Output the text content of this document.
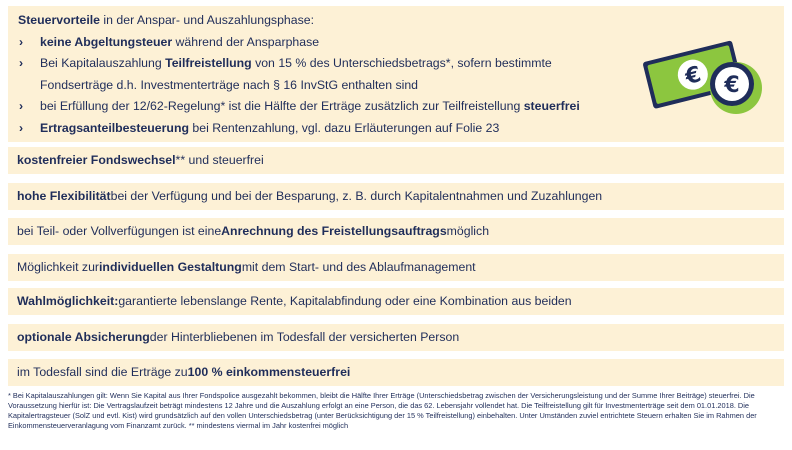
Steuervorteile in der Anspar- und Auszahlungsphase:
› keine Abgeltungsteuer während der Ansparphase
› Bei Kapitalauszahlung Teilfreistellung von 15 % des Unterschiedsbetrags*, sofern bestimmte
Fondserträge d.h. Investmenterträge nach § 16 InvStG enthalten sind
› bei Erfüllung der 12/62-Regelung* ist die Hälfte der Erträge zusätzlich zur Teilfreistellung steuerfrei
› Ertragsanteilbesteuerung bei Rentenzahlung, vgl. dazu Erläuterungen auf Folie 23
€ €
kostenfreier Fondswechsel ** und steuerfrei
hohe Flexibilität bei der Verfügung und bei der Besparung, z. B. durch Kapitalentnahmen und Zuzahlungen
bei Teil- oder Vollverfügungen ist eine Anrechnung des Freistellungsauftrags möglich
Möglichkeit zur individuellen Gestaltung mit dem Start- und des Ablaufmanagement
Wahlmöglichkeit: garantierte lebenslange Rente, Kapitalabfindung oder eine Kombination aus beiden
optionale Absicherung der Hinterbliebenen im Todesfall der versicherten Person
im Todesfall sind die Erträge zu 100 % einkommensteuerfrei
* Bei Kapitalauszahlungen gilt: Wenn Sie Kapital aus Ihrer Fondspolice ausgezahlt bekommen, bleibt die Hälfte Ihrer Erträge (Unterschiedsbetrag zwischen der Versicherungsleistung und der Summe Ihrer Beiträge) steuerfrei. Die Voraussetzung hierfür ist: Die Vertragslaufzeit beträgt mindestens 12 Jahre und die Auszahlung erfolgt an eine Person, die das 62. Lebensjahr vollendet hat. Die Teilfreistellung gilt für Investmenterträge seit dem 01.01.2018. Die Kapitalertragsteuer (SolZ und evtl. Kist) wird grundsätzlich auf den vollen Unterschiedsbetrag (unter Berücksichtigung der 15 % Teilfreistellung) einbehalten. Unter Umständen zuviel entrichtete Steuern erhalten Sie im Rahmen der Einkommensteuerveranlagung vom Finanzamt zurück. ** mindestens viermal im Jahr kostenfrei möglich
